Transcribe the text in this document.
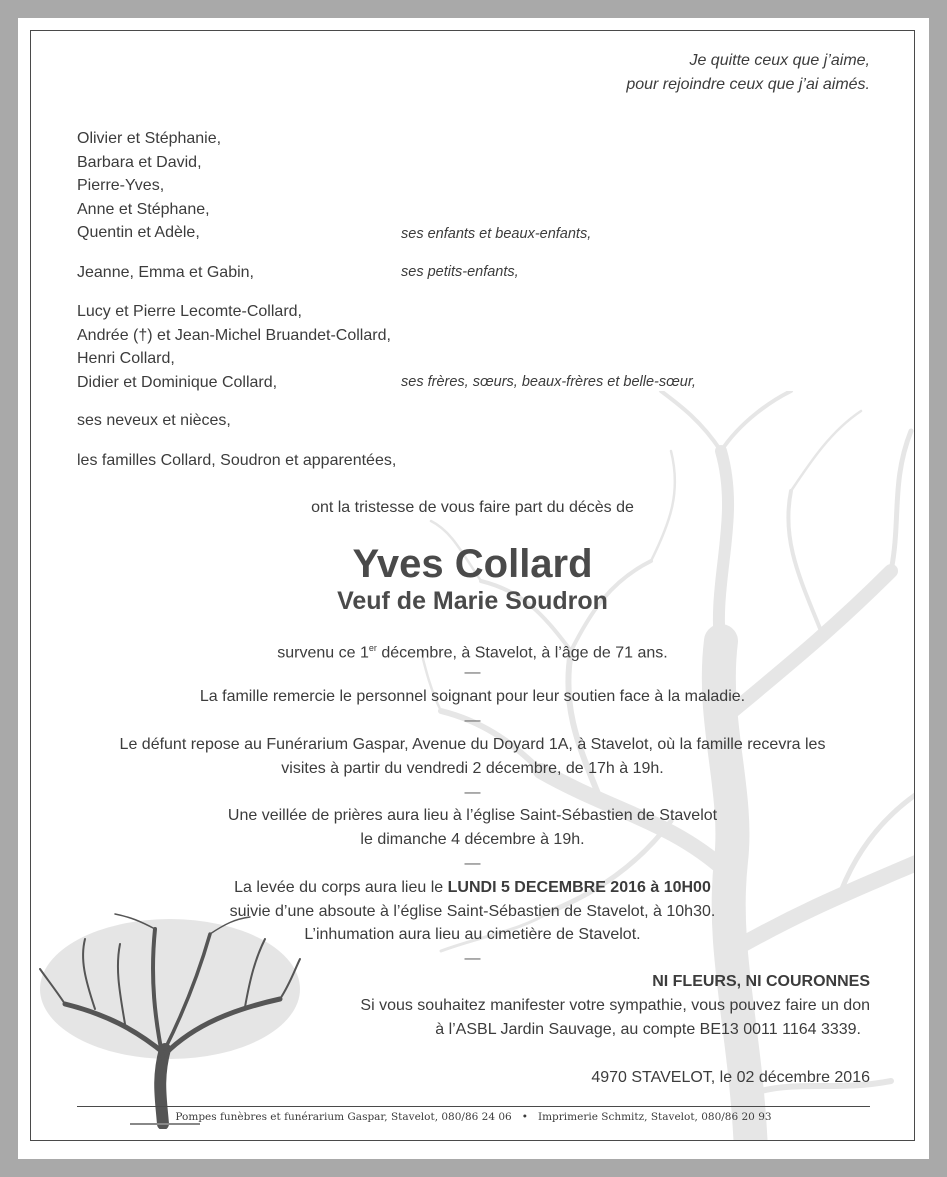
Je quitte ceux que j’aime,
pour rejoindre ceux que j’ai aimés.
Olivier et Stéphanie,
Barbara et David,
Pierre-Yves,
Anne et Stéphane,
Quentin et Adèle,	ses enfants et beaux-enfants,
Jeanne, Emma et Gabin,	ses petits-enfants,
Lucy et Pierre Lecomte-Collard,
Andrée (†) et Jean-Michel Bruandet-Collard,
Henri Collard,
Didier et Dominique Collard,	ses frères, sœurs, beaux-frères et belle-sœur,
ses neveux et nièces,
les familles Collard, Soudron et apparentées,
ont la tristesse de vous faire part du décès de
Yves Collard
Veuf de Marie Soudron
survenu ce 1er décembre, à Stavelot, à l’âge de 71 ans.
—
La famille remercie le personnel soignant pour leur soutien face à la maladie.
—
Le défunt repose au Funérarium Gaspar, Avenue du Doyard 1A, à Stavelot, où la famille recevra les
visites à partir du vendredi 2 décembre, de 17h à 19h.
—
Une veillée de prières aura lieu à l’église Saint-Sébastien de Stavelot
le dimanche 4 décembre à 19h.
—
La levée du corps aura lieu le LUNDI 5 DECEMBRE 2016 à 10H00
suivie d’une absoute à l’église Saint-Sébastien de Stavelot, à 10h30.
L’inhumation aura lieu au cimetière de Stavelot.
—
NI FLEURS, NI COURONNES
Si vous souhaitez manifester votre sympathie, vous pouvez faire un don
à l’ASBL Jardin Sauvage, au compte BE13 0011 1164 3339.
4970 STAVELOT, le 02 décembre 2016
Pompes funèbres et funérarium Gaspar, Stavelot, 080/86 24 06 • Imprimerie Schmitz, Stavelot, 080/86 20 93
